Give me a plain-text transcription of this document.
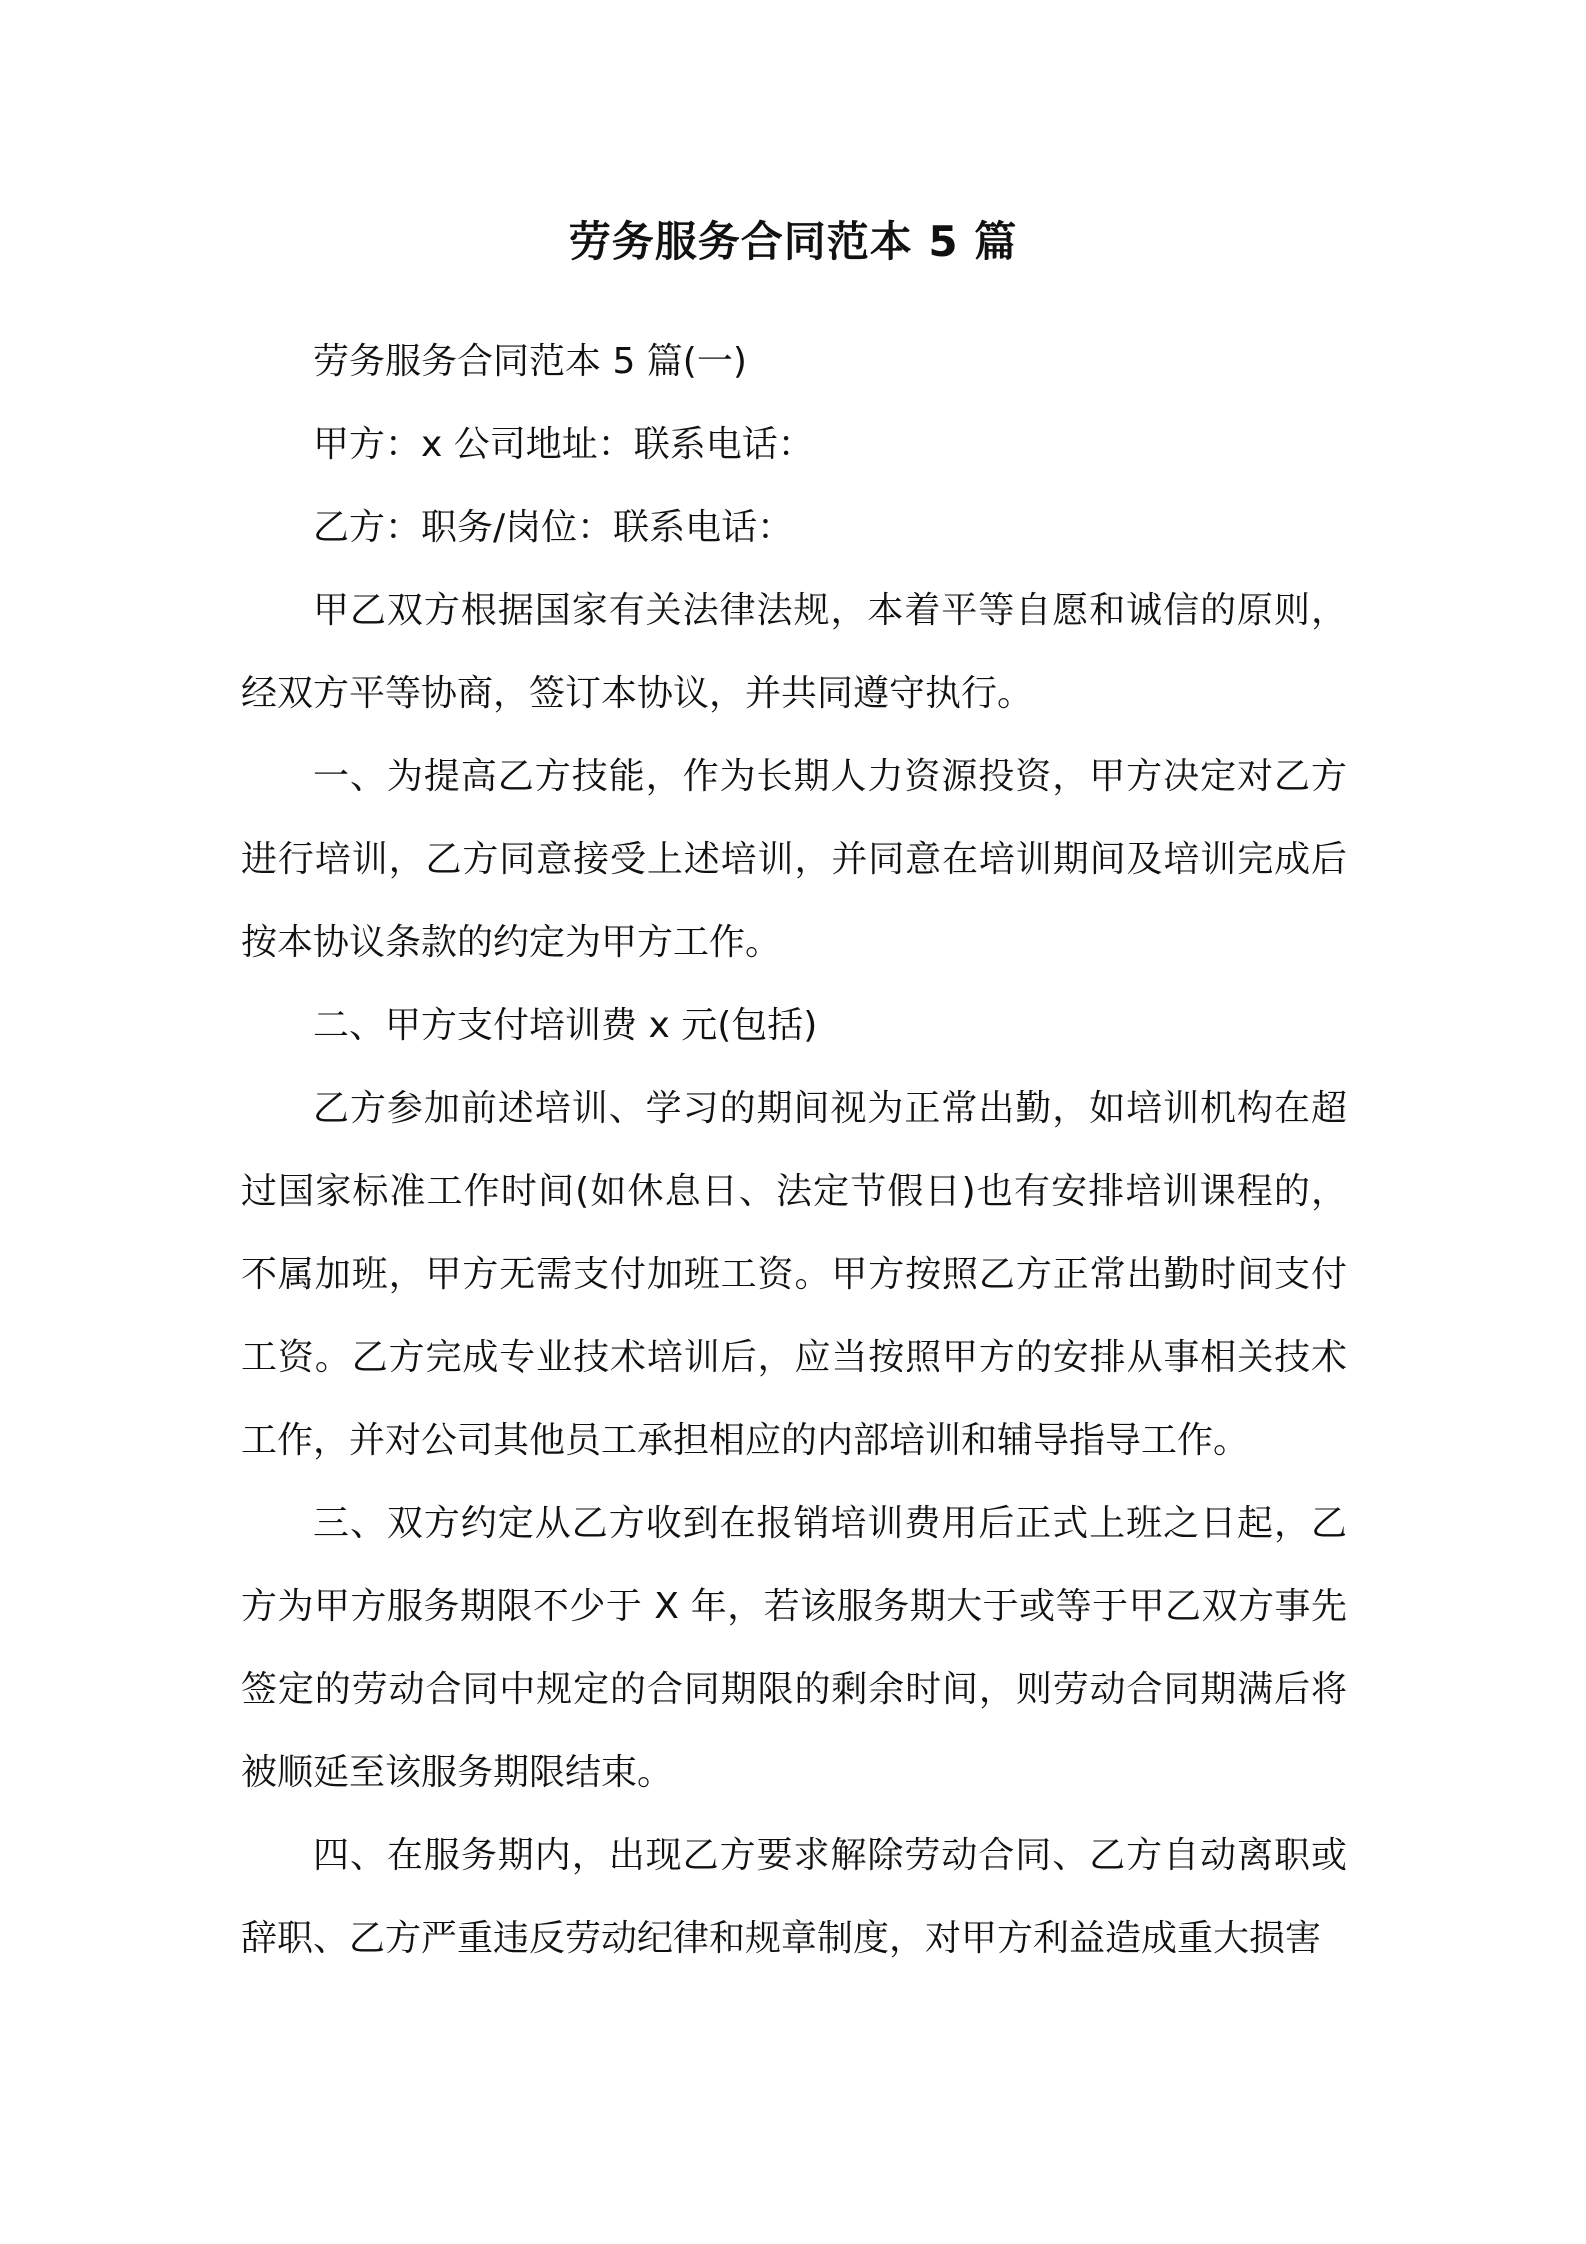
劳务服务合同范本 5 篇

劳务服务合同范本 5 篇(一)

甲方：x 公司地址：联系电话：

乙方：职务/岗位：联系电话：

甲乙双方根据国家有关法律法规，本着平等自愿和诚信的原则，经双方平等协商，签订本协议，并共同遵守执行。

一、为提高乙方技能，作为长期人力资源投资，甲方决定对乙方进行培训，乙方同意接受上述培训，并同意在培训期间及培训完成后按本协议条款的约定为甲方工作。

二、甲方支付培训费 x 元(包括)

乙方参加前述培训、学习的期间视为正常出勤，如培训机构在超过国家标准工作时间(如休息日、法定节假日)也有安排培训课程的，不属加班，甲方无需支付加班工资。甲方按照乙方正常出勤时间支付工资。乙方完成专业技术培训后，应当按照甲方的安排从事相关技术工作，并对公司其他员工承担相应的内部培训和辅导指导工作。

三、双方约定从乙方收到在报销培训费用后正式上班之日起，乙方为甲方服务期限不少于 X 年，若该服务期大于或等于甲乙双方事先签定的劳动合同中规定的合同期限的剩余时间，则劳动合同期满后将被顺延至该服务期限结束。

四、在服务期内，出现乙方要求解除劳动合同、乙方自动离职或辞职、乙方严重违反劳动纪律和规章制度，对甲方利益造成重大损害
